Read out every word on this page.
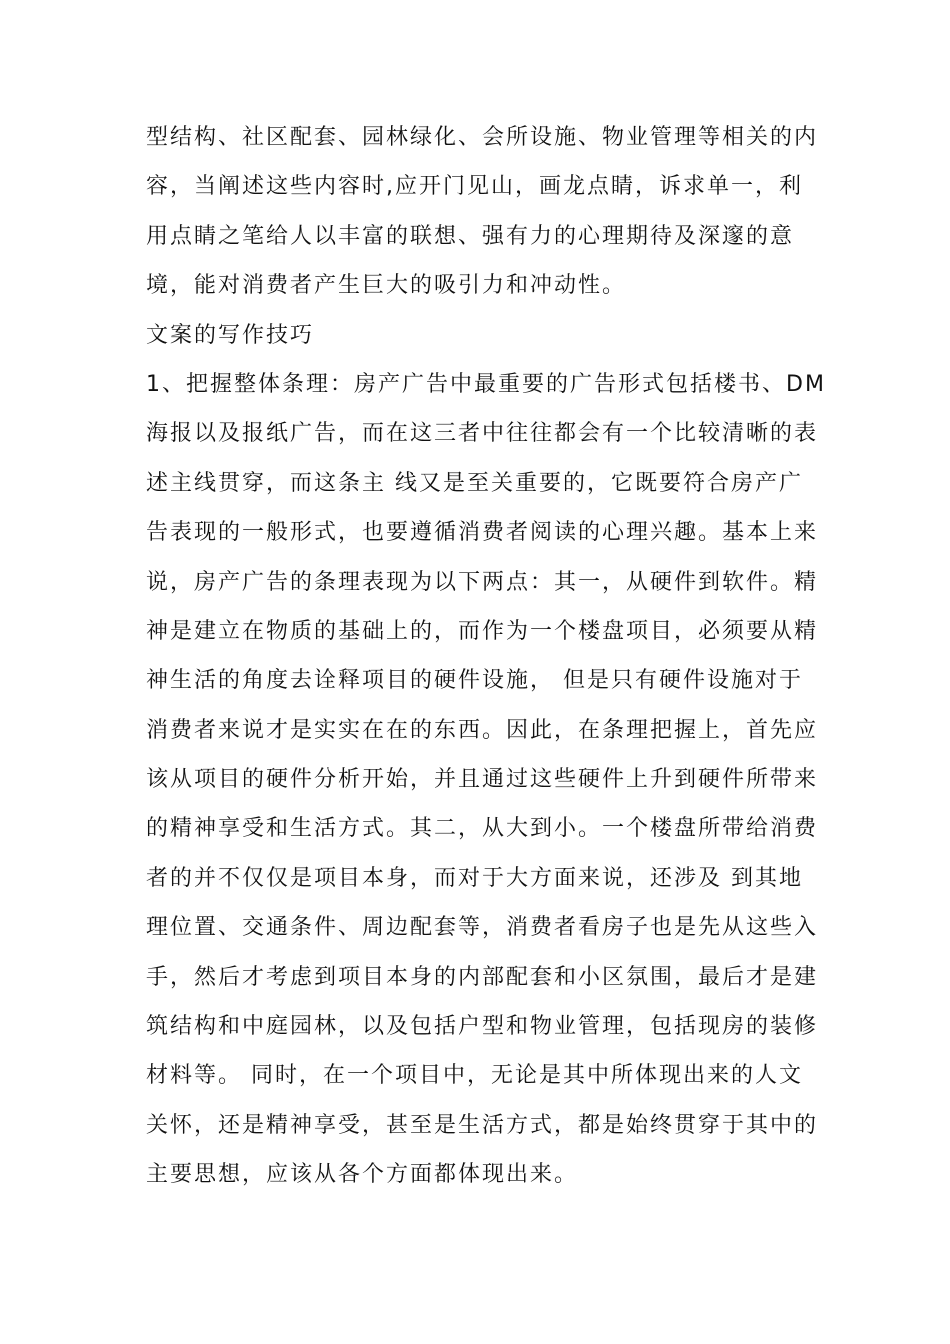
型结构、社区配套、园林绿化、会所设施、物业管理等相关的内
容，当阐述这些内容时,应开门见山，画龙点睛，诉求单一，利
用点睛之笔给人以丰富的联想、强有力的心理期待及深邃的意
境，能对消费者产生巨大的吸引力和冲动性。
文案的写作技巧
1、把握整体条理：房产广告中最重要的广告形式包括楼书、DM
海报以及报纸广告，而在这三者中往往都会有一个比较清晰的表
述主线贯穿，而这条主 线又是至关重要的，它既要符合房产广
告表现的一般形式，也要遵循消费者阅读的心理兴趣。基本上来
说，房产广告的条理表现为以下两点：其一，从硬件到软件。精
神是建立在物质的基础上的，而作为一个楼盘项目，必须要从精
神生活的角度去诠释项目的硬件设施， 但是只有硬件设施对于
消费者来说才是实实在在的东西。因此，在条理把握上，首先应
该从项目的硬件分析开始，并且通过这些硬件上升到硬件所带来
的精神享受和生活方式。其二，从大到小。一个楼盘所带给消费
者的并不仅仅是项目本身，而对于大方面来说，还涉及 到其地
理位置、交通条件、周边配套等，消费者看房子也是先从这些入
手，然后才考虑到项目本身的内部配套和小区氛围，最后才是建
筑结构和中庭园林，以及包括户型和物业管理，包括现房的装修
材料等。 同时，在一个项目中，无论是其中所体现出来的人文
关怀，还是精神享受，甚至是生活方式，都是始终贯穿于其中的
主要思想，应该从各个方面都体现出来。
